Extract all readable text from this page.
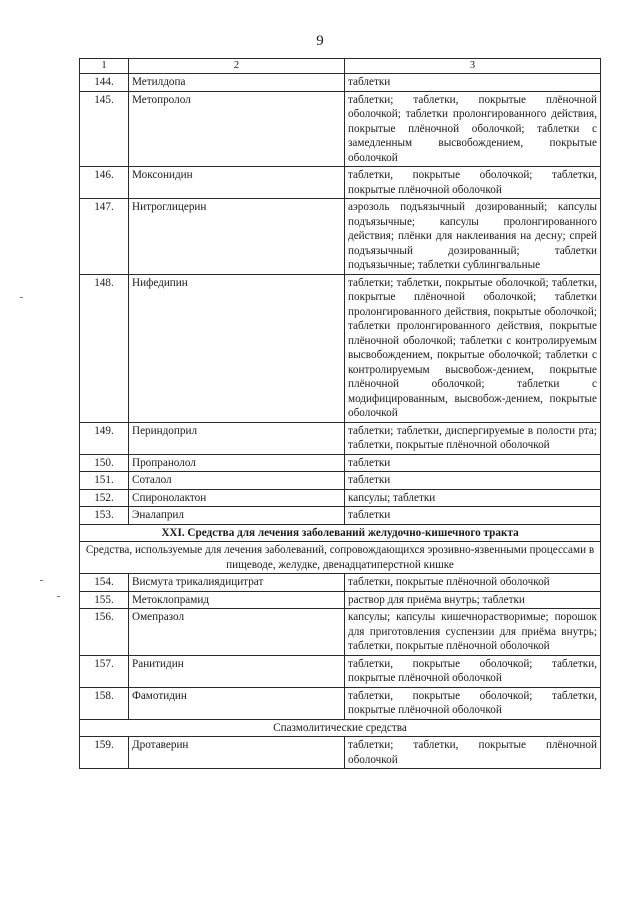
9
1	2	3
144.	Метилдопа	таблетки
145.	Метопролол	таблетки; таблетки, покрытые плёночной оболочкой; таблетки пролонгированного действия, покрытые плёночной оболочкой; таблетки с замедленным высвобождением, покрытые оболочкой
146.	Моксонидин	таблетки, покрытые оболочкой; таблетки, покрытые плёночной оболочкой
147.	Нитроглицерин	аэрозоль подъязычный дозированный; капсулы подъязычные; капсулы пролонгированного действия; плёнки для наклеивания на десну; спрей подъязычный дозированный; таблетки подъязычные; таблетки сублингвальные
148.	Нифедипин	таблетки; таблетки, покрытые оболочкой; таблетки, покрытые плёночной оболочкой; таблетки пролонгированного действия, покрытые оболочкой; таблетки пролонгированного действия, покрытые плёночной оболочкой; таблетки с контролируемым высвобождением, покрытые оболочкой; таблетки с контролируемым высвобож-дением, покрытые плёночной оболочкой; таблетки с модифицированным, высвобож-дением, покрытые оболочкой
149.	Периндоприл	таблетки; таблетки, диспергируемые в полости рта; таблетки, покрытые плёночной оболочкой
150.	Пропранолол	таблетки
151.	Соталол	таблетки
152.	Спиронолактон	капсулы; таблетки
153.	Эналаприл	таблетки
XXI. Средства для лечения заболеваний желудочно-кишечного тракта		
Средства, используемые для лечения заболеваний, сопровождающихся эрозивно-язвенными процессами в пищеводе, желудке, двенадцатиперстной кишке		
154.	Висмута трикалиядицитрат	таблетки, покрытые плёночной оболочкой
155.	Метоклопрамид	раствор для приёма внутрь; таблетки
156.	Омепразол	капсулы; капсулы кишечнорастворимые; порошок для приготовления суспензии для приёма внутрь; таблетки, покрытые плёночной оболочкой
157.	Ранитидин	таблетки, покрытые оболочкой; таблетки, покрытые плёночной оболочкой
158.	Фамотидин	таблетки, покрытые оболочкой; таблетки, покрытые плёночной оболочкой
Спазмолитические средства		
159.	Дротаверин	таблетки; таблетки, покрытые плёночной оболочкой
